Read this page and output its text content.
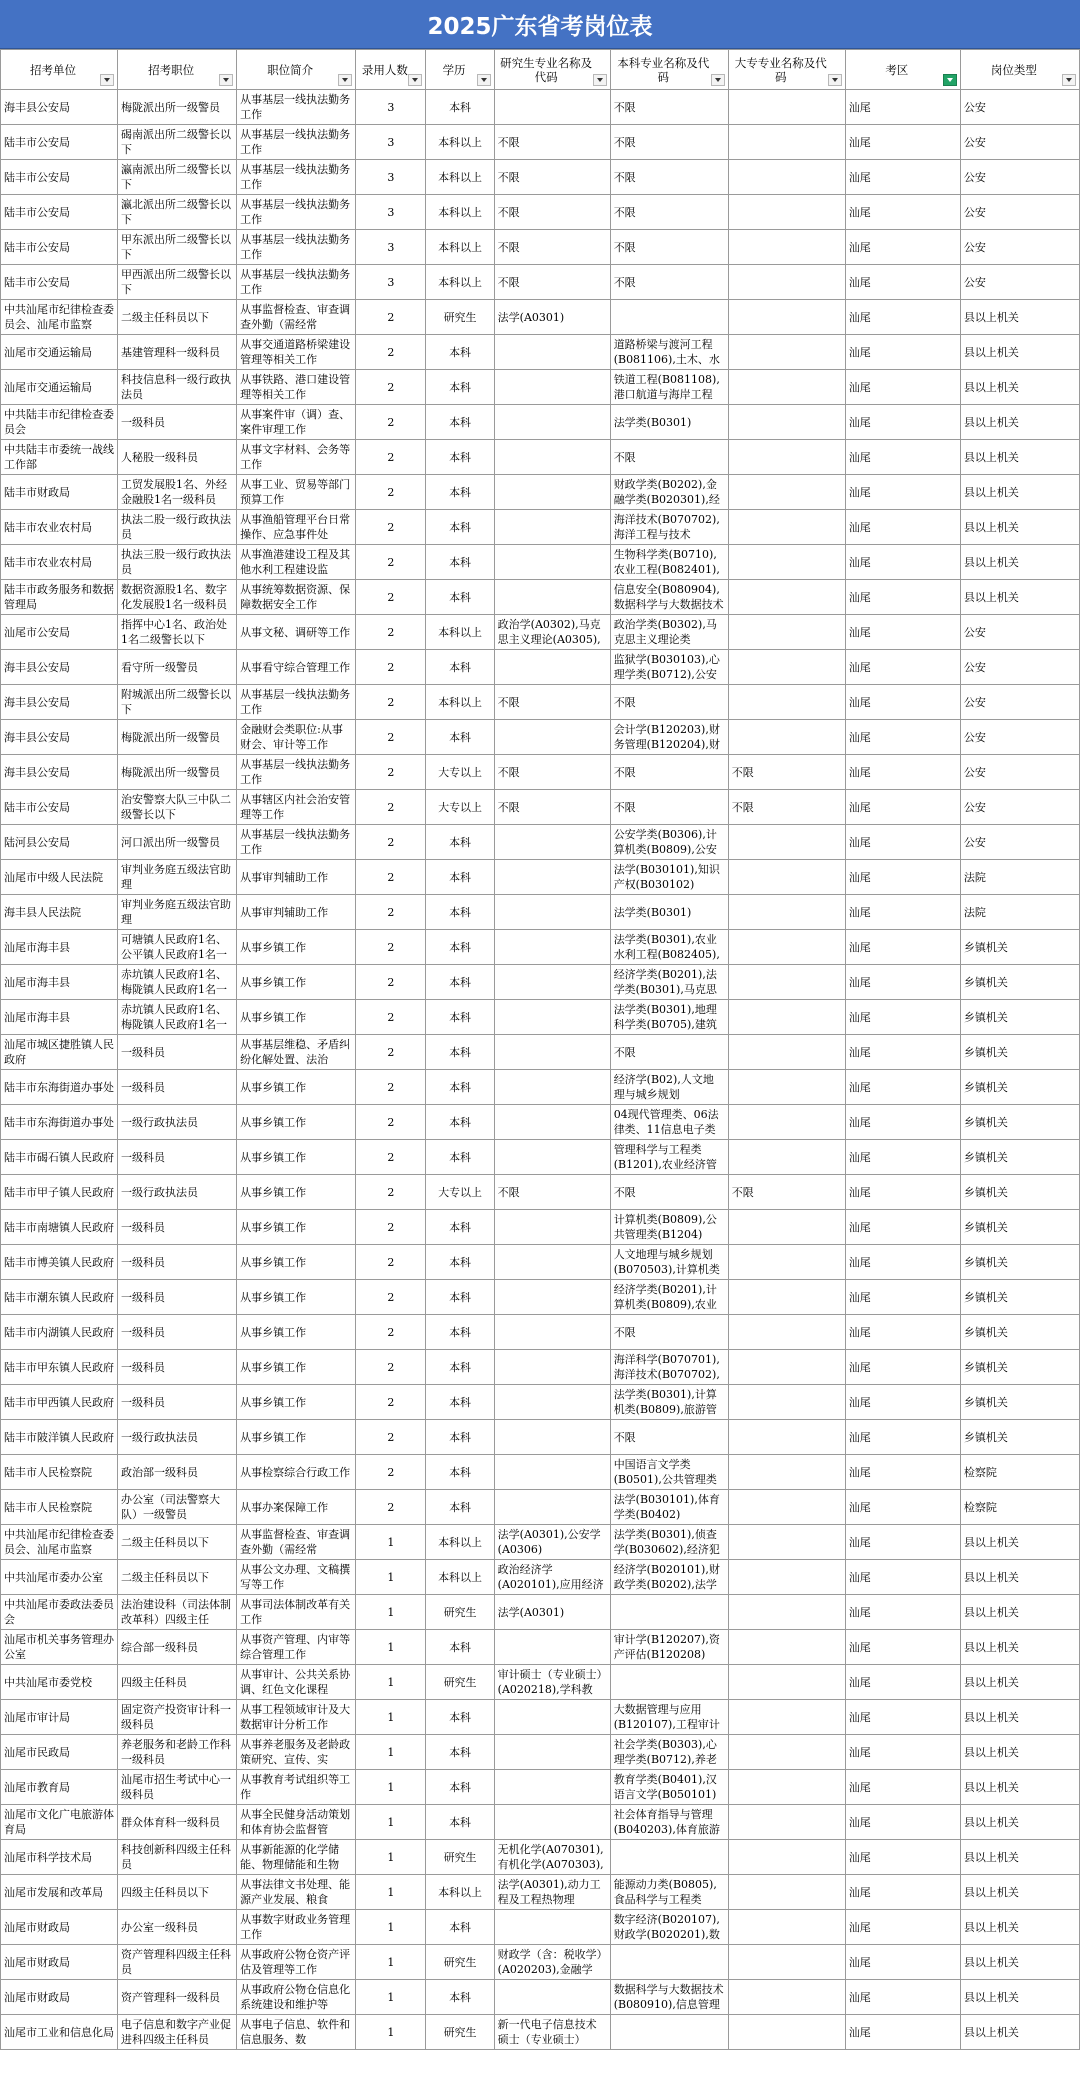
2025广东省考岗位表
招考单位	招考职位	职位简介	录用人数	学历	研究生专业名称及代码	本科专业名称及代码	大专专业名称及代码	考区	岗位类型

海丰县公安局	梅陇派出所一级警员	从事基层一线执法勤务工作	3	本科		不限		汕尾	公安

陆丰市公安局	碣南派出所二级警长以下	从事基层一线执法勤务工作	3	本科以上	不限	不限		汕尾	公安

陆丰市公安局	瀛南派出所二级警长以下	从事基层一线执法勤务工作	3	本科以上	不限	不限		汕尾	公安

陆丰市公安局	瀛北派出所二级警长以下	从事基层一线执法勤务工作	3	本科以上	不限	不限		汕尾	公安

陆丰市公安局	甲东派出所二级警长以下	从事基层一线执法勤务工作	3	本科以上	不限	不限		汕尾	公安

陆丰市公安局	甲西派出所二级警长以下	从事基层一线执法勤务工作	3	本科以上	不限	不限		汕尾	公安

中共汕尾市纪律检查委员会、汕尾市监察	二级主任科员以下	从事监督检查、审查调查外勤（需经常	2	研究生	法学(A0301)			汕尾	县以上机关

汕尾市交通运输局	基建管理科一级科员	从事交通道路桥梁建设管理等相关工作	2	本科		道路桥梁与渡河工程(B081106),土木、水		汕尾	县以上机关

汕尾市交通运输局	科技信息科一级行政执法员	从事铁路、港口建设管理等相关工作	2	本科		铁道工程(B081108),港口航道与海岸工程		汕尾	县以上机关

中共陆丰市纪律检查委员会	一级科员	从事案件审（调）查、案件审理工作	2	本科		法学类(B0301)		汕尾	县以上机关

中共陆丰市委统一战线工作部	人秘股一级科员	从事文字材料、会务等工作	2	本科		不限		汕尾	县以上机关

陆丰市财政局	工贸发展股1名、外经金融股1名一级科员	从事工业、贸易等部门预算工作	2	本科		财政学类(B0202),金融学类(B020301),经		汕尾	县以上机关

陆丰市农业农村局	执法二股一级行政执法员	从事渔船管理平台日常操作、应急事件处	2	本科		海洋技术(B070702),海洋工程与技术		汕尾	县以上机关

陆丰市农业农村局	执法三股一级行政执法员	从事渔港建设工程及其他水利工程建设监	2	本科		生物科学类(B0710),农业工程(B082401),		汕尾	县以上机关

陆丰市政务服务和数据管理局	数据资源股1名、数字化发展股1名一级科员	从事统筹数据资源、保障数据安全工作	2	本科		信息安全(B080904),数据科学与大数据技术		汕尾	县以上机关

汕尾市公安局	指挥中心1名、政治处1名二级警长以下	从事文秘、调研等工作	2	本科以上	政治学(A0302),马克思主义理论(A0305),	政治学类(B0302),马克思主义理论类		汕尾	公安

海丰县公安局	看守所一级警员	从事看守综合管理工作	2	本科		监狱学(B030103),心理学类(B0712),公安		汕尾	公安

海丰县公安局	附城派出所二级警长以下	从事基层一线执法勤务工作	2	本科以上	不限	不限		汕尾	公安

海丰县公安局	梅陇派出所一级警员	金融财会类职位:从事财会、审计等工作	2	本科		会计学(B120203),财务管理(B120204),财		汕尾	公安

海丰县公安局	梅陇派出所一级警员	从事基层一线执法勤务工作	2	大专以上	不限	不限	不限	汕尾	公安

陆丰市公安局	治安警察大队三中队二级警长以下	从事辖区内社会治安管理等工作	2	大专以上	不限	不限	不限	汕尾	公安

陆河县公安局	河口派出所一级警员	从事基层一线执法勤务工作	2	本科		公安学类(B0306),计算机类(B0809),公安		汕尾	公安

汕尾市中级人民法院	审判业务庭五级法官助理	从事审判辅助工作	2	本科		法学(B030101),知识产权(B030102)		汕尾	法院

海丰县人民法院	审判业务庭五级法官助理	从事审判辅助工作	2	本科		法学类(B0301)		汕尾	法院

汕尾市海丰县	可塘镇人民政府1名、公平镇人民政府1名一	从事乡镇工作	2	本科		法学类(B0301),农业水利工程(B082405),		汕尾	乡镇机关

汕尾市海丰县	赤坑镇人民政府1名、梅陇镇人民政府1名一	从事乡镇工作	2	本科		经济学类(B0201),法学类(B0301),马克思		汕尾	乡镇机关

汕尾市海丰县	赤坑镇人民政府1名、梅陇镇人民政府1名一	从事乡镇工作	2	本科		法学类(B0301),地理科学类(B0705),建筑		汕尾	乡镇机关

汕尾市城区捷胜镇人民政府	一级科员	从事基层维稳、矛盾纠纷化解处置、法治	2	本科		不限		汕尾	乡镇机关

陆丰市东海街道办事处	一级科员	从事乡镇工作	2	本科		经济学(B02),人文地理与城乡规划		汕尾	乡镇机关

陆丰市东海街道办事处	一级行政执法员	从事乡镇工作	2	本科		04现代管理类、06法律类、11信息电子类		汕尾	乡镇机关

陆丰市碣石镇人民政府	一级科员	从事乡镇工作	2	本科		管理科学与工程类(B1201),农业经济管		汕尾	乡镇机关

陆丰市甲子镇人民政府	一级行政执法员	从事乡镇工作	2	大专以上	不限	不限	不限	汕尾	乡镇机关

陆丰市南塘镇人民政府	一级科员	从事乡镇工作	2	本科		计算机类(B0809),公共管理类(B1204)		汕尾	乡镇机关

陆丰市博美镇人民政府	一级科员	从事乡镇工作	2	本科		人文地理与城乡规划(B070503),计算机类		汕尾	乡镇机关

陆丰市潮东镇人民政府	一级科员	从事乡镇工作	2	本科		经济学类(B0201),计算机类(B0809),农业		汕尾	乡镇机关

陆丰市内湖镇人民政府	一级科员	从事乡镇工作	2	本科		不限		汕尾	乡镇机关

陆丰市甲东镇人民政府	一级科员	从事乡镇工作	2	本科		海洋科学(B070701),海洋技术(B070702),		汕尾	乡镇机关

陆丰市甲西镇人民政府	一级科员	从事乡镇工作	2	本科		法学类(B0301),计算机类(B0809),旅游管		汕尾	乡镇机关

陆丰市陂洋镇人民政府	一级行政执法员	从事乡镇工作	2	本科		不限		汕尾	乡镇机关

陆丰市人民检察院	政治部一级科员	从事检察综合行政工作	2	本科		中国语言文学类(B0501),公共管理类		汕尾	检察院

陆丰市人民检察院	办公室（司法警察大队）一级警员	从事办案保障工作	2	本科		法学(B030101),体育学类(B0402)		汕尾	检察院

中共汕尾市纪律检查委员会、汕尾市监察	二级主任科员以下	从事监督检查、审查调查外勤（需经常	1	本科以上	法学(A0301),公安学(A0306)	法学类(B0301),侦查学(B030602),经济犯		汕尾	县以上机关

中共汕尾市委办公室	二级主任科员以下	从事公文办理、文稿撰写等工作	1	本科以上	政治经济学(A020101),应用经济	经济学(B020101),财政学类(B0202),法学		汕尾	县以上机关

中共汕尾市委政法委员会	法治建设科（司法体制改革科）四级主任	从事司法体制改革有关工作	1	研究生	法学(A0301)			汕尾	县以上机关

汕尾市机关事务管理办公室	综合部一级科员	从事资产管理、内审等综合管理工作	1	本科		审计学(B120207),资产评估(B120208)		汕尾	县以上机关

中共汕尾市委党校	四级主任科员	从事审计、公共关系协调、红色文化课程	1	研究生	审计硕士（专业硕士）(A020218),学科教			汕尾	县以上机关

汕尾市审计局	固定资产投资审计科一级科员	从事工程领域审计及大数据审计分析工作	1	本科		大数据管理与应用(B120107),工程审计		汕尾	县以上机关

汕尾市民政局	养老服务和老龄工作科一级科员	从事养老服务及老龄政策研究、宣传、实	1	本科		社会学类(B0303),心理学类(B0712),养老		汕尾	县以上机关

汕尾市教育局	汕尾市招生考试中心一级科员	从事教育考试组织等工作	1	本科		教育学类(B0401),汉语言文学(B050101)		汕尾	县以上机关

汕尾市文化广电旅游体育局	群众体育科一级科员	从事全民健身活动策划和体育协会监督管	1	本科		社会体育指导与管理(B040203),体育旅游		汕尾	县以上机关

汕尾市科学技术局	科技创新科四级主任科员	从事新能源的化学储能、物理储能和生物	1	研究生	无机化学(A070301),有机化学(A070303),			汕尾	县以上机关

汕尾市发展和改革局	四级主任科员以下	从事法律文书处理、能源产业发展、粮食	1	本科以上	法学(A0301),动力工程及工程热物理	能源动力类(B0805),食品科学与工程类		汕尾	县以上机关

汕尾市财政局	办公室一级科员	从事数字财政业务管理工作	1	本科		数字经济(B020107),财政学(B020201),数		汕尾	县以上机关

汕尾市财政局	资产管理科四级主任科员	从事政府公物仓资产评估及管理等工作	1	研究生	财政学（含：税收学）(A020203),金融学			汕尾	县以上机关

汕尾市财政局	资产管理科一级科员	从事政府公物仓信息化系统建设和维护等	1	本科		数据科学与大数据技术(B080910),信息管理		汕尾	县以上机关

汕尾市工业和信息化局	电子信息和数字产业促进科四级主任科员	从事电子信息、软件和信息服务、数	1	研究生	新一代电子信息技术硕士（专业硕士）			汕尾	县以上机关
